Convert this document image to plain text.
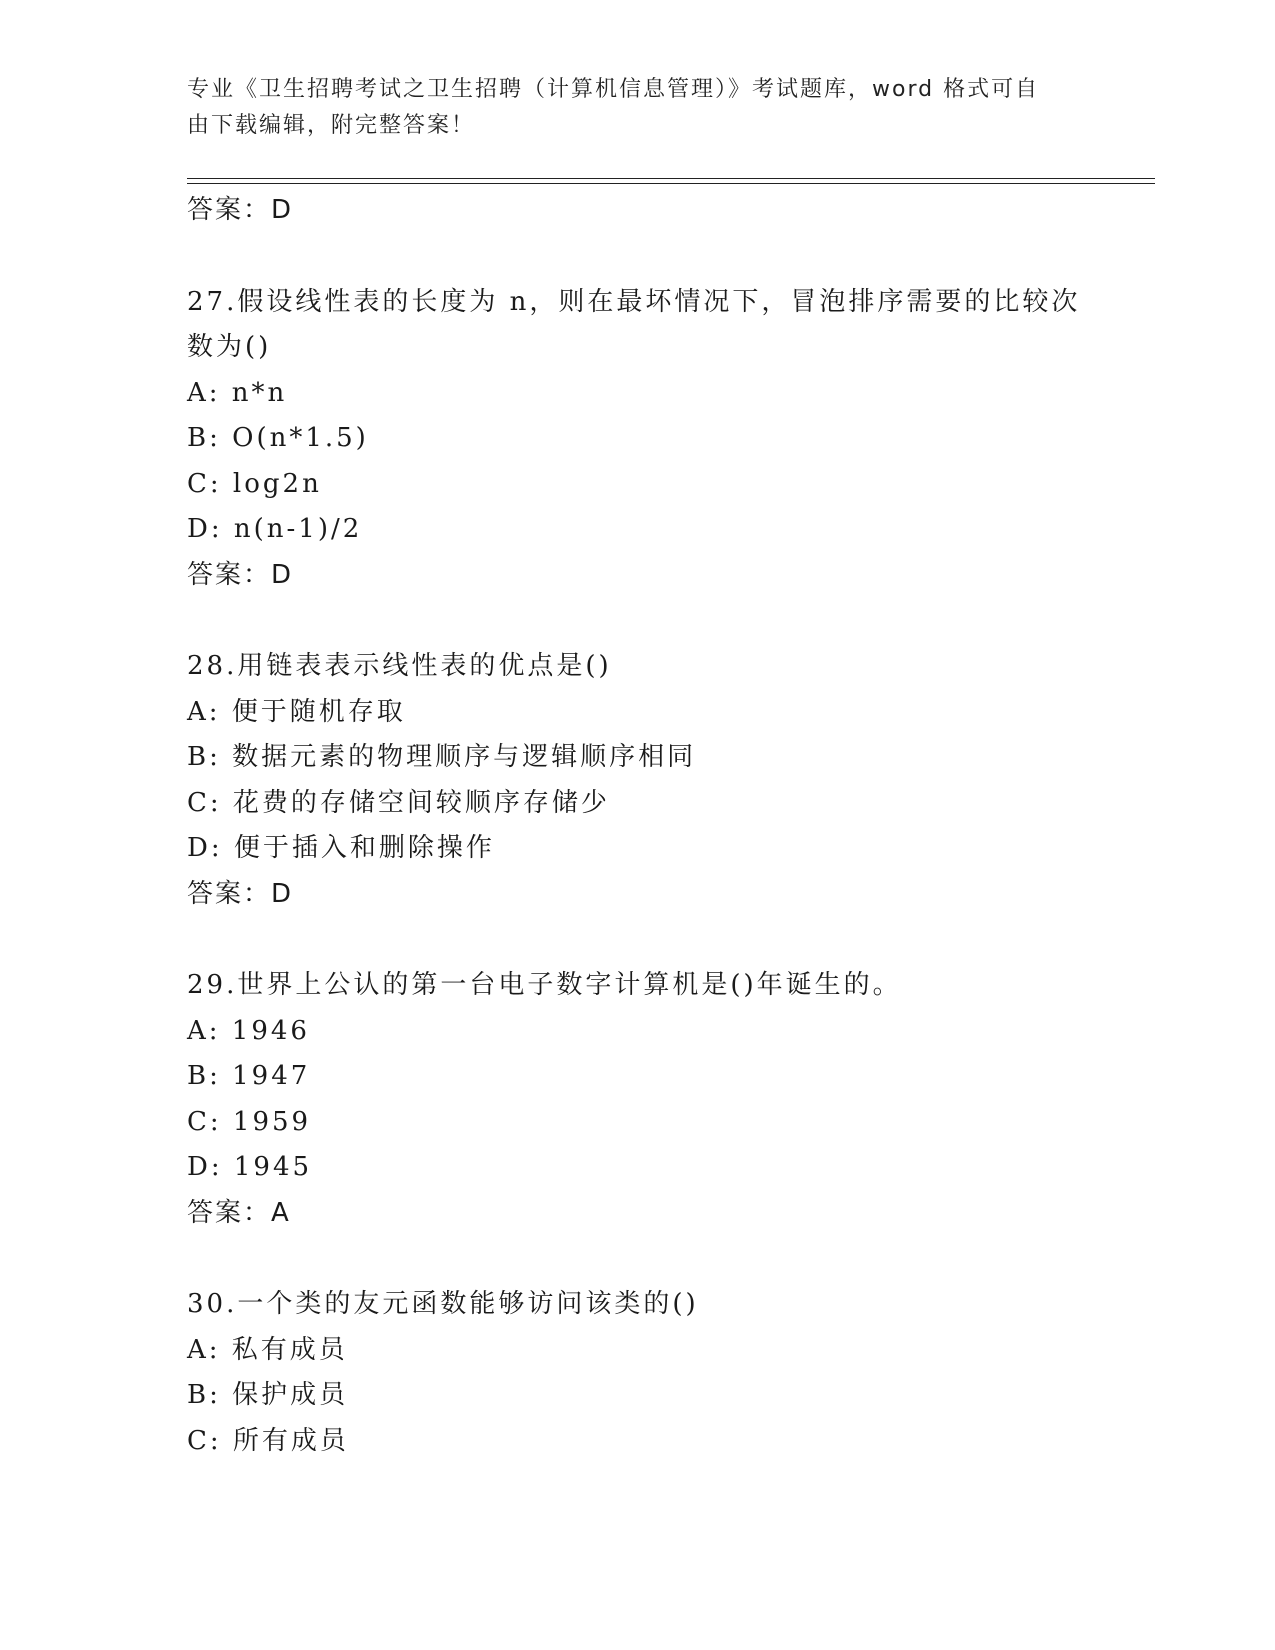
专业《卫生招聘考试之卫生招聘（计算机信息管理）》考试题库，word 格式可自
由下载编辑，附完整答案！
答案：D
27.假设线性表的长度为 n，则在最坏情况下，冒泡排序需要的比较次
数为()
A: n*n
B: O(n*1.5)
C: log2n
D: n(n-1)/2
答案：D
28.用链表表示线性表的优点是()
A: 便于随机存取
B: 数据元素的物理顺序与逻辑顺序相同
C: 花费的存储空间较顺序存储少
D: 便于插入和删除操作
答案：D
29.世界上公认的第一台电子数字计算机是()年诞生的。
A: 1946
B: 1947
C: 1959
D: 1945
答案：A
30.一个类的友元函数能够访问该类的()
A: 私有成员
B: 保护成员
C: 所有成员
